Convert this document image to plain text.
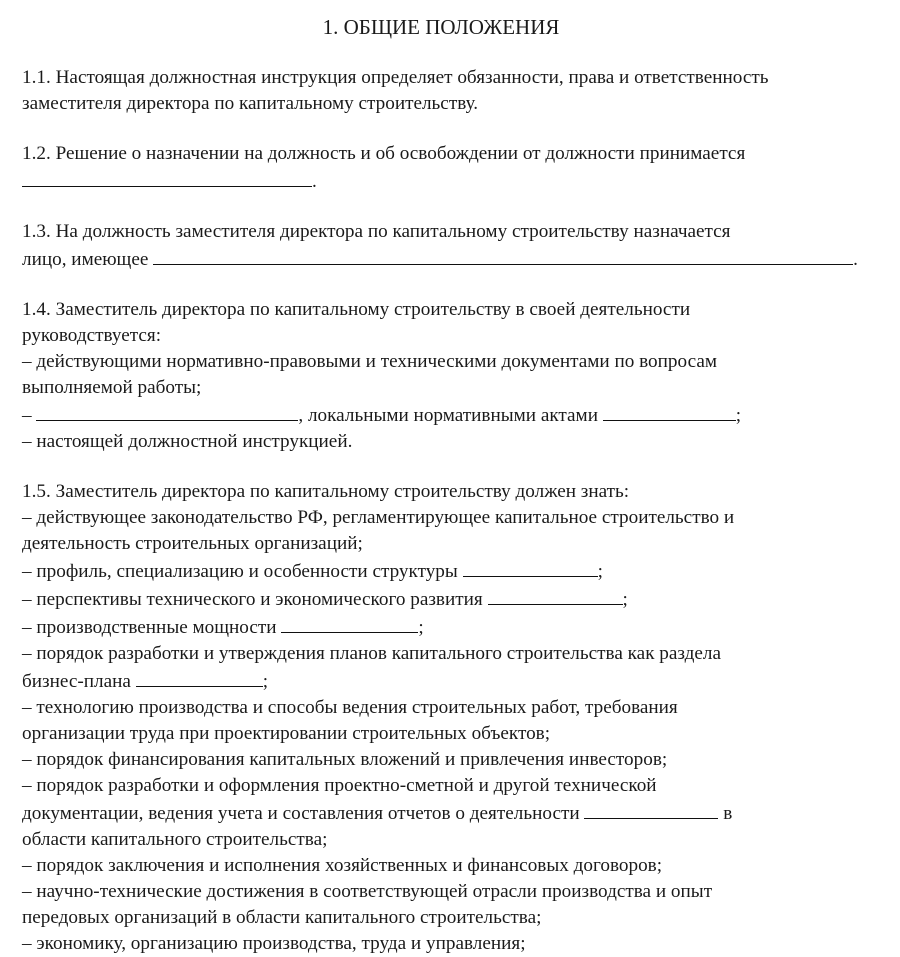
1. ОБЩИЕ ПОЛОЖЕНИЯ
1.1. Настоящая должностная инструкция определяет обязанности, права и ответственность
заместителя директора по капитальному строительству.
1.2. Решение о назначении на должность и об освобождении от должности принимается
.
1.3. На должность заместителя директора по капитальному строительству назначается
лицо, имеющее	.
1.4. Заместитель директора по капитальному строительству в своей деятельности
руководствуется:
– действующими нормативно-правовыми и техническими документами по вопросам
выполняемой работы;
–	, локальными нормативными актами	;
– настоящей должностной инструкцией.
1.5. Заместитель директора по капитальному строительству должен знать:
– действующее законодательство РФ, регламентирующее капитальное строительство и
деятельность строительных организаций;
– профиль, специализацию и особенности структуры	;
– перспективы технического и экономического развития	;
– производственные мощности	;
– порядок разработки и утверждения планов капитального строительства как раздела
бизнес-плана	;
– технологию производства и способы ведения строительных работ, требования
организации труда при проектировании строительных объектов;
– порядок финансирования капитальных вложений и привлечения инвесторов;
– порядок разработки и оформления проектно-сметной и другой технической
документации, ведения учета и составления отчетов о деятельности	в
области капитального строительства;
– порядок заключения и исполнения хозяйственных и финансовых договоров;
– научно-технические достижения в соответствующей отрасли производства и опыт
передовых организаций в области капитального строительства;
– экономику, организацию производства, труда и управления;
